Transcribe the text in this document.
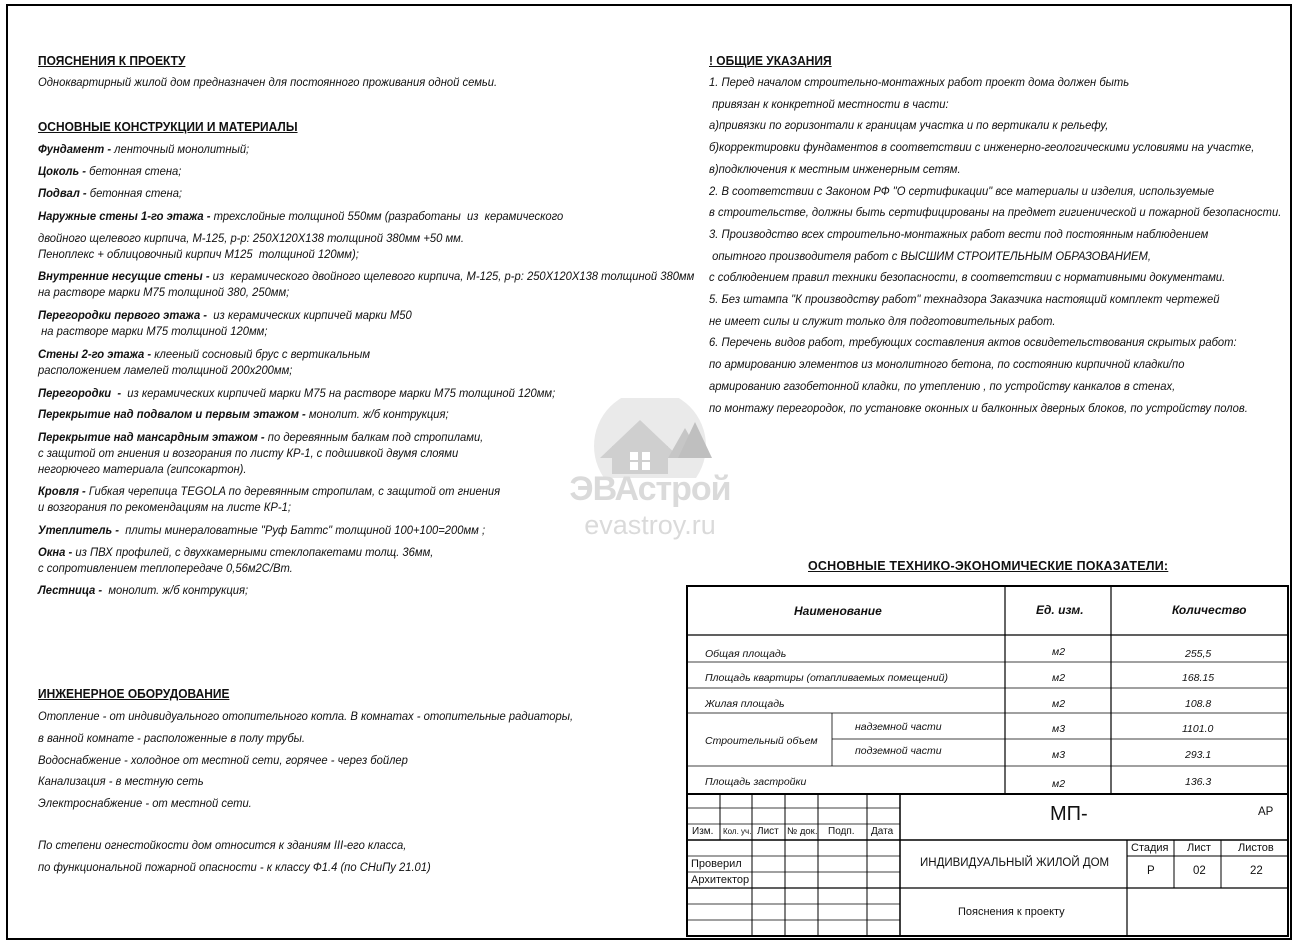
ПОЯСНЕНИЯ К ПРОЕКТУ
Одноквартирный жилой дом предназначен для постоянного проживания одной семьи.
ОСНОВНЫЕ КОНСТРУКЦИИ И МАТЕРИАЛЫ
Фундамент - ленточный монолитный;
Цоколь - бетонная стена;
Подвал - бетонная стена;
Наружные стены 1-го этажа - трехслойные толщиной 550мм (разработаны  из  керамического
двойного щелевого кирпича, М-125, р-р: 250Х120Х138 толщиной 380мм +50 мм.
Пеноплекс + облицовочный кирпич М125  толщиной 120мм);
Внутренние несущие стены - из  керамического двойного щелевого кирпича, М-125, р-р: 250Х120Х138 толщиной 380мм
на растворе марки М75 толщиной 380, 250мм;
Перегородки первого этажа -  из керамических кирпичей марки М50
на растворе марки М75 толщиной 120мм;
Стены 2-го этажа - клееный сосновый брус с вертикальным
расположением ламелей толщиной 200х200мм;
Перегородки  -  из керамических кирпичей марки М75 на растворе марки М75 толщиной 120мм;
Перекрытие над подвалом и первым этажом - монолит. ж/б контрукция;
Перекрытие над мансардным этажом - по деревянным балкам под стропилами,
с защитой от гниения и возгорания по листу КР-1, с подшивкой двумя слоями
негорючего материала (гипсокартон).
Кровля - Гибкая черепица TEGOLA по деревянным стропилам, с защитой от гниения
и возгорания по рекомендациям на листе КР-1;
Утеплитель -  плиты минераловатные "Руф Баттс" толщиной 100+100=200мм ;
Окна - из ПВХ профилей, с двухкамерными стеклопакетами толщ. 36мм,
с сопротивлением теплопередаче 0,56м2С/Вт.
Лестница -  монолит. ж/б контрукция;
ИНЖЕНЕРНОЕ ОБОРУДОВАНИЕ
Отопление - от индивидуального отопительного котла. В комнатах - отопительные радиаторы,
в ванной комнате - расположенные в полу трубы.
Водоснабжение - холодное от местной сети, горячее - через бойлер
Канализация - в местную сеть
Электроснабжение - от местной сети.
По степени огнестойкости дом относится к зданиям III-его класса,
по функциональной пожарной опасности - к классу Ф1.4 (по СНиПу 21.01)
! ОБЩИЕ УКАЗАНИЯ
1. Перед началом строительно-монтажных работ проект дома должен быть
привязан к конкретной местности в части:
а)привязки по горизонтали к границам участка и по вертикали к рельефу,
б)корректировки фундаментов в соответствии с инженерно-геологическими условиями на участке,
в)подключения к местным инженерным сетям.
2. В соответствии с Законом РФ "О сертификации" все материалы и изделия, используемые
в строительстве, должны быть сертифицированы на предмет гигиенической и пожарной безопасности.
3. Производство всех строительно-монтажных работ вести под постоянным наблюдением
опытного производителя работ с ВЫСШИМ СТРОИТЕЛЬНЫМ ОБРАЗОВАНИЕМ,
с соблюдением правил техники безопасности, в соответствии с нормативными документами.
5. Без штампа "К производству работ" технадзора Заказчика настоящий комплект чертежей
не имеет силы и служит только для подготовительных работ.
6. Перечень видов работ, требующих составления актов освидетельствования скрытых работ:
по армированию элементов из монолитного бетона, по состоянию кирпичной кладки/по
армированию газобетонной кладки, по утеплению , по устройству канкалов в стенах,
по монтажу перегородок, по установке оконных и балконных дверных блоков, по устройству полов.
ЭВАстрой
evastroy.ru
ОСНОВНЫЕ ТЕХНИКО-ЭКОНОМИЧЕСКИЕ ПОКАЗАТЕЛИ:
Наименование	Ед. изм.	Количество
Общая площадь	м2	255,5
Площадь квартиры (отапливаемых помещений)	м2	168.15
Жилая площадь	м2	108.8
Строительный объем
надземной части	м3	1101.0
подземной части	м3	293.1
Площадь застройки	м2	136.3
Изм. Кол. уч. Лист № док. Подп. Дата
Проверил
Архитектор
МП-	АР
ИНДИВИДУАЛЬНЫЙ ЖИЛОЙ ДОМ
Пояснения к проекту
Стадия Лист Листов
Р	02	22
